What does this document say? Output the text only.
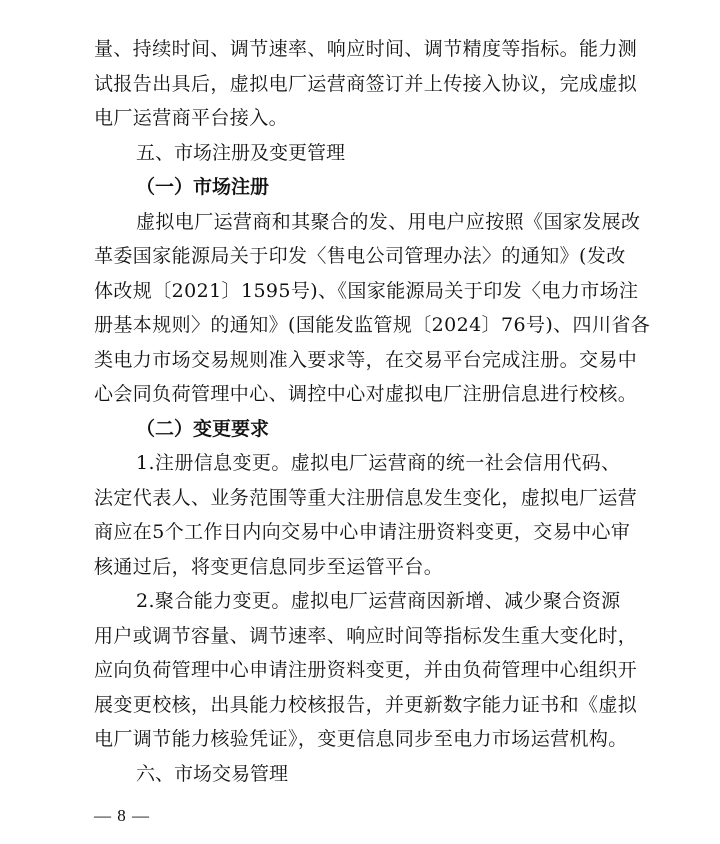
量、持续时间、调节速率、响应时间、调节精度等指标。能力测
试报告出具后，虚拟电厂运营商签订并上传接入协议，完成虚拟
电厂运营商平台接入。
五、市场注册及变更管理
（一）市场注册
虚拟电厂运营商和其聚合的发、用电户应按照《国家发展改
革委国家能源局关于印发〈售电公司管理办法〉的通知》(发改
体改规〔2021〕1595号)、《国家能源局关于印发〈电力市场注
册基本规则〉的通知》(国能发监管规〔2024〕76号)、四川省各
类电力市场交易规则准入要求等，在交易平台完成注册。交易中
心会同负荷管理中心、调控中心对虚拟电厂注册信息进行校核。
（二）变更要求
1.注册信息变更。虚拟电厂运营商的统一社会信用代码、
法定代表人、业务范围等重大注册信息发生变化，虚拟电厂运营
商应在5个工作日内向交易中心申请注册资料变更，交易中心审
核通过后，将变更信息同步至运管平台。
2.聚合能力变更。虚拟电厂运营商因新增、减少聚合资源
用户或调节容量、调节速率、响应时间等指标发生重大变化时，
应向负荷管理中心申请注册资料变更，并由负荷管理中心组织开
展变更校核，出具能力校核报告，并更新数字能力证书和《虚拟
电厂调节能力核验凭证》，变更信息同步至电力市场运营机构。
六、市场交易管理
— 8 —
